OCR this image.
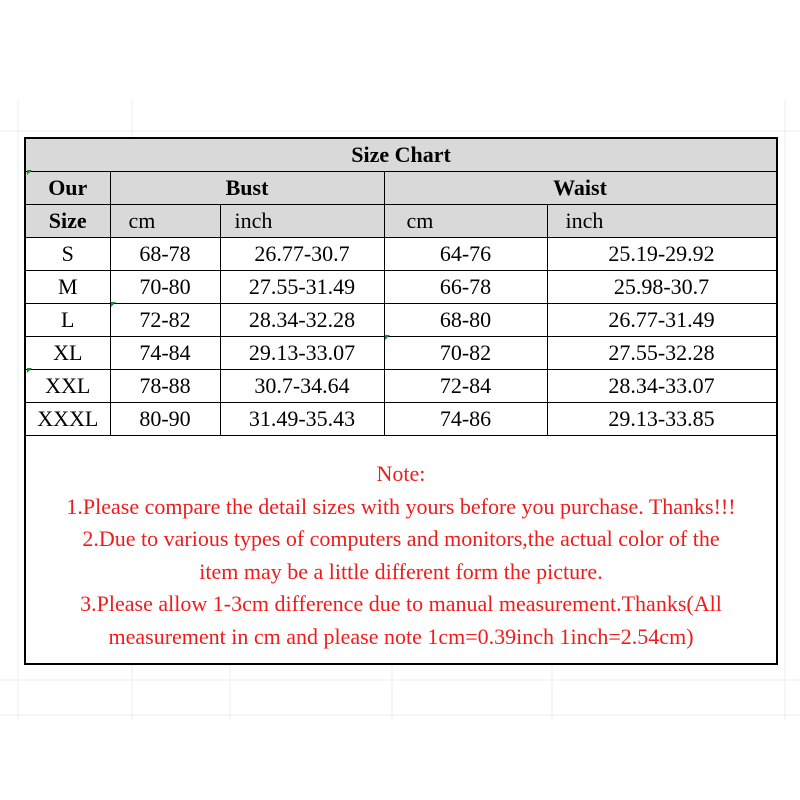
Size Chart				
Our	Bust		Waist	
Size	cm	inch	cm	inch
S	68-78	26.77-30.7	64-76	25.19-29.92
M	70-80	27.55-31.49	66-78	25.98-30.7
L	72-82	28.34-32.28	68-80	26.77-31.49
XL	74-84	29.13-33.07	70-82	27.55-32.28
XXL	78-88	30.7-34.64	72-84	28.34-33.07
XXXL	80-90	31.49-35.43	74-86	29.13-33.85
Note:
1.Please compare the detail sizes with yours before you purchase. Thanks!!!
2.Due to various types of computers and monitors,the actual color of the
item may be a little different form the picture.
3.Please allow 1-3cm difference due to manual measurement.Thanks(All
measurement in cm and please note 1cm=0.39inch 1inch=2.54cm)
